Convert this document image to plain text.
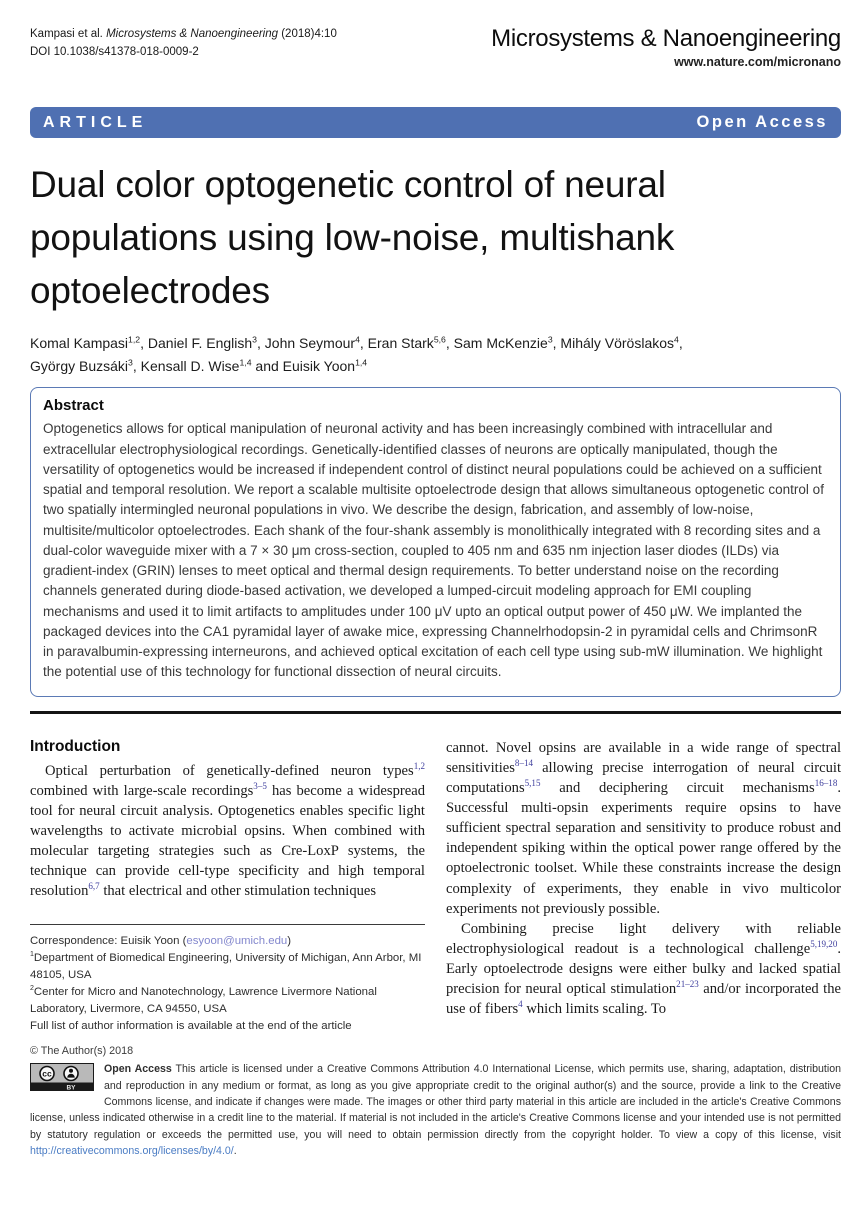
Kampasi et al. Microsystems & Nanoengineering (2018)4:10
DOI 10.1038/s41378-018-0009-2	Microsystems & Nanoengineering
www.nature.com/micronano
ARTICLE	Open Access
Dual color optogenetic control of neural
populations using low-noise, multishank
optoelectrodes
Komal Kampasi$^{1,2}$, Daniel F. English$^3$, John Seymour$^4$, Eran Stark$^{5,6}$, Sam McKenzie$^3$, Mihály Vöröslakos$^4$,
György Buzsáki$^3$, Kensall D. Wise$^{1,4}$ and Euisik Yoon$^{1,4}$
Abstract

Optogenetics allows for optical manipulation of neuronal activity and has been increasingly combined with intracellular and extracellular electrophysiological recordings. Genetically-identified classes of neurons are optically manipulated, though the versatility of optogenetics would be increased if independent control of distinct neural populations could be achieved on a sufficient spatial and temporal resolution. We report a scalable multisite optoelectrode design that allows simultaneous optogenetic control of two spatially intermingled neuronal populations in vivo. We describe the design, fabrication, and assembly of low-noise, multisite/multicolor optoelectrodes. Each shank of the four-shank assembly is monolithically integrated with 8 recording sites and a dual-color waveguide mixer with a 7 × 30 μm cross-section, coupled to 405 nm and 635 nm injection laser diodes (ILDs) via gradient-index (GRIN) lenses to meet optical and thermal design requirements. To better understand noise on the recording channels generated during diode-based activation, we developed a lumped-circuit modeling approach for EMI coupling mechanisms and used it to limit artifacts to amplitudes under 100 μV upto an optical output power of 450 μW. We implanted the packaged devices into the CA1 pyramidal layer of awake mice, expressing Channelrhodopsin-2 in pyramidal cells and ChrimsonR in paravalbumin-expressing interneurons, and achieved optical excitation of each cell type using sub-mW illumination. We highlight the potential use of this technology for functional dissection of neural circuits.

Introduction

Optical perturbation of genetically-defined neuron types$^{1,2}$ combined with large-scale recordings$^{3-5}$ has become a widespread tool for neural circuit analysis. Optogenetics enables specific light wavelengths to activate microbial opsins. When combined with molecular targeting strategies such as Cre-LoxP systems, the technique can provide cell-type specificity and high temporal resolution$^{6,7}$ that electrical and other stimulation techniques

Correspondence: Euisik Yoon (esyoon@umich.edu)
$^1$Department of Biomedical Engineering, University of Michigan, Ann Arbor, MI 48105, USA
$^2$Center for Micro and Nanotechnology, Lawrence Livermore National Laboratory, Livermore, CA 94550, USA
Full list of author information is available at the end of the article

cannot. Novel opsins are available in a wide range of spectral sensitivities$^{8-14}$ allowing precise interrogation of neural circuit computations$^{5,15}$ and deciphering circuit mechanisms$^{16-18}$. Successful multi-opsin experiments require opsins to have sufficient spectral separation and sensitivity to produce robust and independent spiking within the optical power range offered by the optoelectronic toolset. While these constraints increase the design complexity of experiments, they enable in vivo multicolor experiments not previously possible.

Combining precise light delivery with reliable electrophysiological readout is a technological challenge$^{5,19,20}$. Early optoelectrode designs were either bulky and lacked spatial precision for neural optical stimulation$^{21-23}$ and/or incorporated the use of fibers$^4$ which limits scaling. To

© The Author(s) 2018
cc
BY
Open Access This article is licensed under a Creative Commons Attribution 4.0 International License, which permits use, sharing, adaptation, distribution and reproduction in any medium or format, as long as you give appropriate credit to the original author(s) and the source, provide a link to the Creative Commons license, and indicate if changes were made. The images or other third party material in this article are included in the article's Creative Commons license, unless indicated otherwise in a credit line to the material. If material is not included in the article's Creative Commons license and your intended use is not permitted by statutory regulation or exceeds the permitted use, you will need to obtain permission directly from the copyright holder. To view a copy of this license, visit http://creativecommons.org/licenses/by/4.0/.
